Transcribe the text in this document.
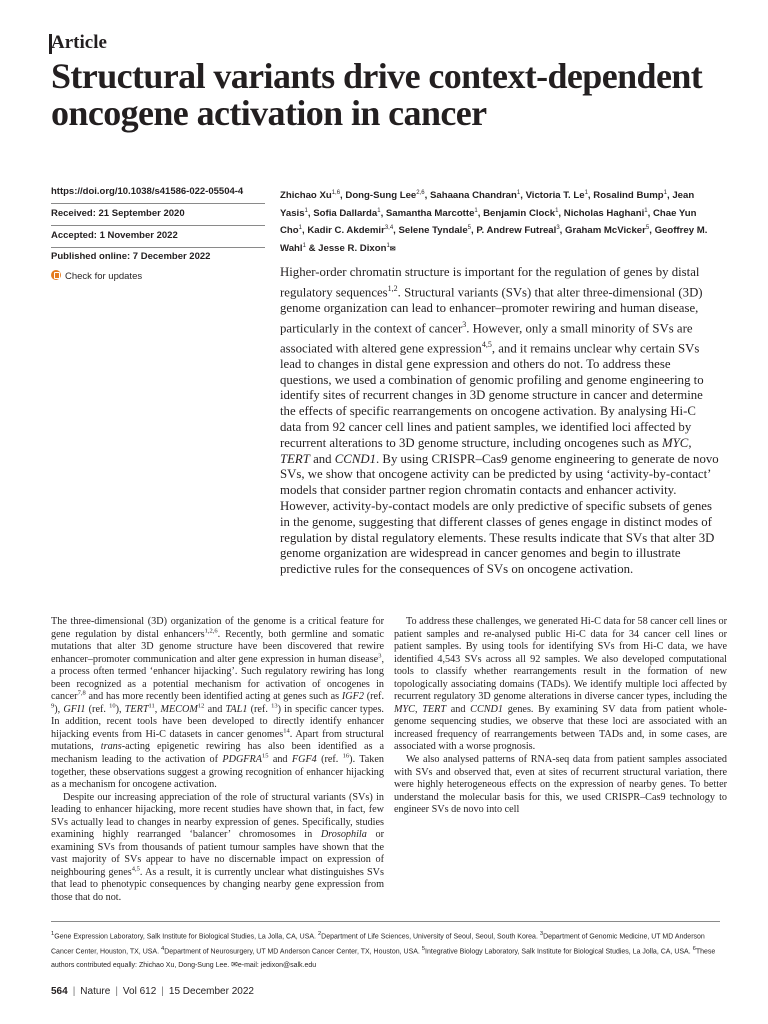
Article
Structural variants drive context-dependent
oncogene activation in cancer
https://doi.org/10.1038/s41586-022-05504-4
Received: 21 September 2020
Accepted: 1 November 2022
Published online: 7 December 2022
Check for updates
Zhichao Xu$^{1,6}$, Dong-Sung Lee$^{2,6}$, Sahaana Chandran$^1$, Victoria T. Le$^1$, Rosalind Bump$^1$, Jean Yasis$^1$, Sofia Dallarda$^1$, Samantha Marcotte$^1$, Benjamin Clock$^1$, Nicholas Haghani$^1$, Chae Yun Cho$^1$, Kadir C. Akdemir$^{3,4}$, Selene Tyndale$^5$, P. Andrew Futreal$^3$, Graham McVicker$^5$, Geoffrey M. Wahl$^1$ & Jesse R. Dixon$^1$✉

Higher-order chromatin structure is important for the regulation of genes by distal regulatory sequences$^{1,2}$. Structural variants (SVs) that alter three-dimensional (3D) genome organization can lead to enhancer–promoter rewiring and human disease, particularly in the context of cancer$^3$. However, only a small minority of SVs are associated with altered gene expression$^{4,5}$, and it remains unclear why certain SVs lead to changes in distal gene expression and others do not. To address these questions, we used a combination of genomic profiling and genome engineering to identify sites of recurrent changes in 3D genome structure in cancer and determine the effects of specific rearrangements on oncogene activation. By analysing Hi-C data from 92 cancer cell lines and patient samples, we identified loci affected by recurrent alterations to 3D genome structure, including oncogenes such as MYC, TERT and CCND1. By using CRISPR–Cas9 genome engineering to generate de novo SVs, we show that oncogene activity can be predicted by using ‘activity-by-contact’ models that consider partner region chromatin contacts and enhancer activity. However, activity-by-contact models are only predictive of specific subsets of genes in the genome, suggesting that different classes of genes engage in distinct modes of regulation by distal regulatory elements. These results indicate that SVs that alter 3D genome organization are widespread in cancer genomes and begin to illustrate predictive rules for the consequences of SVs on oncogene activation.

The three-dimensional (3D) organization of the genome is a critical feature for gene regulation by distal enhancers$^{1,2,6}$. Recently, both germline and somatic mutations that alter 3D genome structure have been discovered that rewire enhancer–promoter communication and alter gene expression in human disease$^3$, a process often termed ‘enhancer hijacking’. Such regulatory rewiring has long been recognized as a potential mechanism for activation of oncogenes in cancer$^{7,8}$ and has more recently been identified acting at genes such as IGF2 (ref. $^9$), GFI1 (ref. $^{10}$), TERT$^{11}$, MECOM$^{12}$ and TAL1 (ref. $^{13}$) in specific cancer types. In addition, recent tools have been developed to directly identify enhancer hijacking events from Hi-C datasets in cancer genomes$^{14}$. Apart from structural mutations, trans-acting epigenetic rewiring has also been identified as a mechanism leading to the activation of PDGFRA$^{15}$ and FGF4 (ref. $^{16}$). Taken together, these observations suggest a growing recognition of enhancer hijacking as a mechanism for oncogene activation.

Despite our increasing appreciation of the role of structural variants (SVs) in leading to enhancer hijacking, more recent studies have shown that, in fact, few SVs actually lead to changes in nearby expression of genes. Specifically, studies examining highly rearranged ‘balancer’ chromosomes in Drosophila or examining SVs from thousands of patient tumour samples have shown that the vast majority of SVs appear to have no discernable impact on expression of neighbouring genes$^{4,5}$. As a result, it is currently unclear what distinguishes SVs that lead to phenotypic consequences by changing nearby gene expression from those that do not.

To address these challenges, we generated Hi-C data for 58 cancer cell lines or patient samples and re-analysed public Hi-C data for 34 cancer cell lines or patient samples. By using tools for identifying SVs from Hi-C data, we have identified 4,543 SVs across all 92 samples. We also developed computational tools to classify whether rearrangements result in the formation of new topologically associating domains (TADs). We identify multiple loci affected by recurrent regulatory 3D genome alterations in diverse cancer types, including the MYC, TERT and CCND1 genes. By examining SV data from patient whole-genome sequencing studies, we observe that these loci are associated with an increased frequency of rearrangements between TADs and, in some cases, are associated with a worse prognosis.

We also analysed patterns of RNA-seq data from patient samples associated with SVs and observed that, even at sites of recurrent structural variation, there were highly heterogeneous effects on the expression of nearby genes. To better understand the molecular basis for this, we used CRISPR–Cas9 technology to engineer SVs de novo into cell

$^1$Gene Expression Laboratory, Salk Institute for Biological Studies, La Jolla, CA, USA. $^2$Department of Life Sciences, University of Seoul, Seoul, South Korea. $^3$Department of Genomic Medicine, UT MD Anderson Cancer Center, Houston, TX, USA. $^4$Department of Neurosurgery, UT MD Anderson Cancer Center, TX, Houston, USA. $^5$Integrative Biology Laboratory, Salk Institute for Biological Studies, La Jolla, CA, USA. $^6$These authors contributed equally: Zhichao Xu, Dong-Sung Lee. ✉e-mail: jedixon@salk.edu
564 | Nature | Vol 612 | 15 December 2022
